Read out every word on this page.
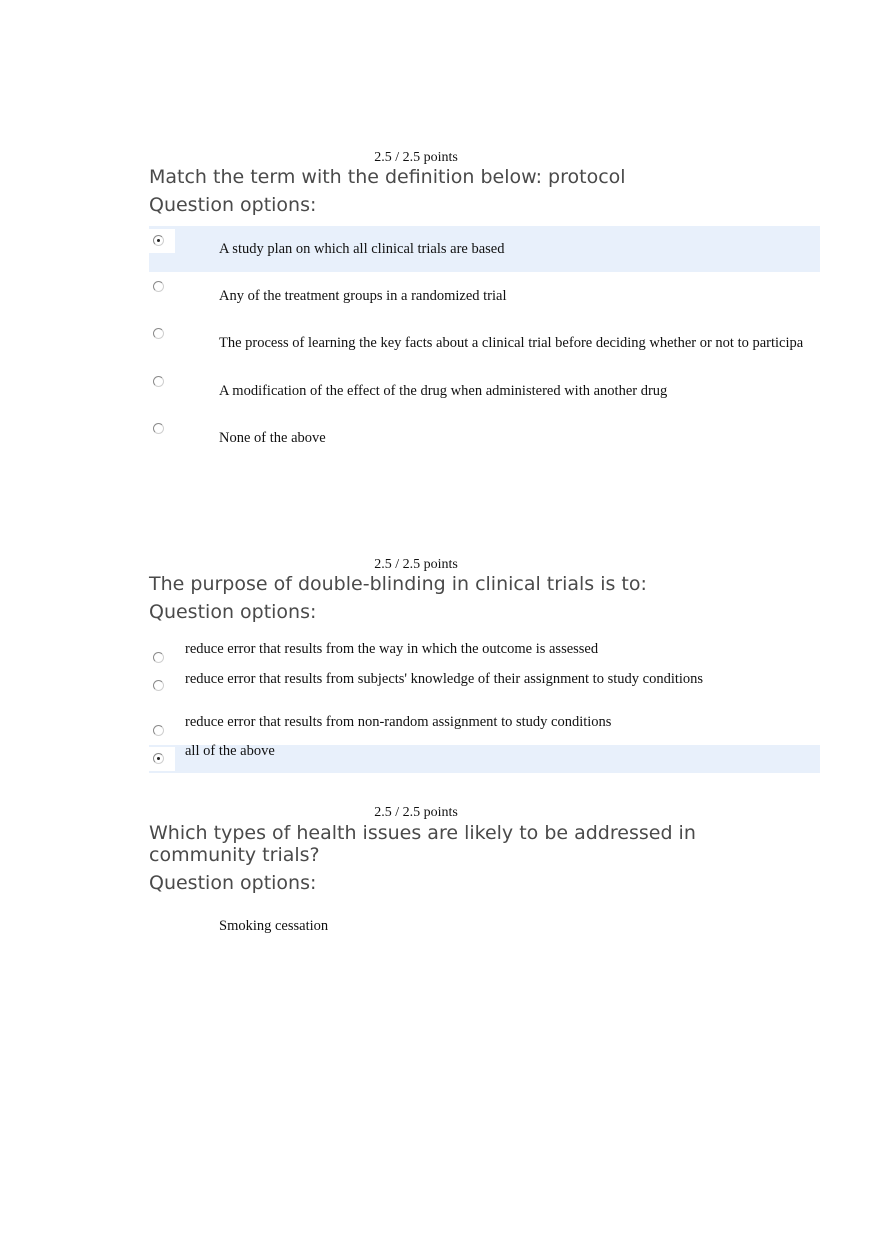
2.5 / 2.5 points
Match the term with the definition below: protocol
Question options:
A study plan on which all clinical trials are based
Any of the treatment groups in a randomized trial
The process of learning the key facts about a clinical trial before deciding whether or not to participa
A modification of the effect of the drug when administered with another drug
None of the above
2.5 / 2.5 points
The purpose of double-blinding in clinical trials is to:
Question options:
reduce error that results from the way in which the outcome is assessed
reduce error that results from subjects' knowledge of their assignment to study conditions
reduce error that results from non-random assignment to study conditions
all of the above
2.5 / 2.5 points
Which types of health issues are likely to be addressed in community trials?
Question options:
Smoking cessation
